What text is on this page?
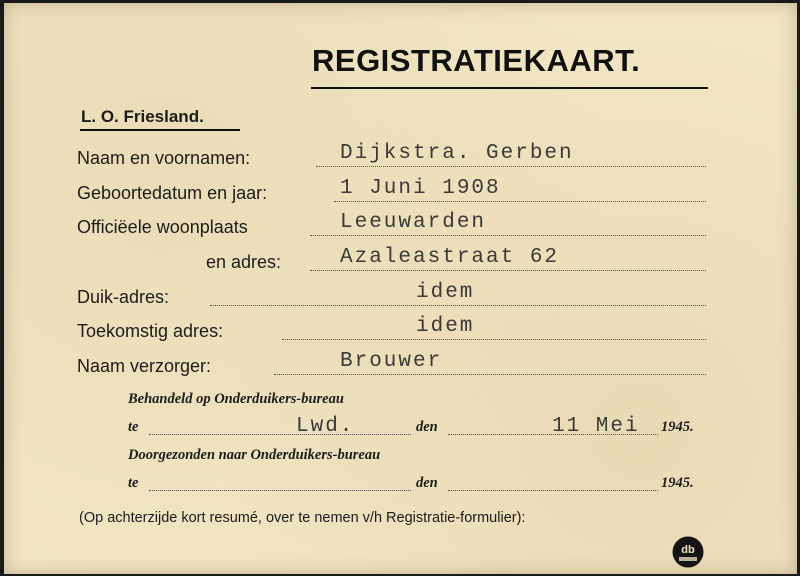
REGISTRATIEKAART.
L. O. Friesland.
Naam en voornamen:	Dijkstra. Gerben
Geboortedatum en jaar:	1 Juni 1908
Officiëele woonplaats	Leeuwarden
en adres:	Azaleastraat 62
Duik-adres:	idem
Toekomstig adres:	idem
Naam verzorger:	Brouwer
Behandeld op Onderduikers-bureau
te	Lwd.	den	11 Mei 1945.
Doorgezonden naar Onderduikers-bureau
te	den	1945.
(Op achterzijde kort resumé, over te nemen v/h Registratie-formulier):
db
